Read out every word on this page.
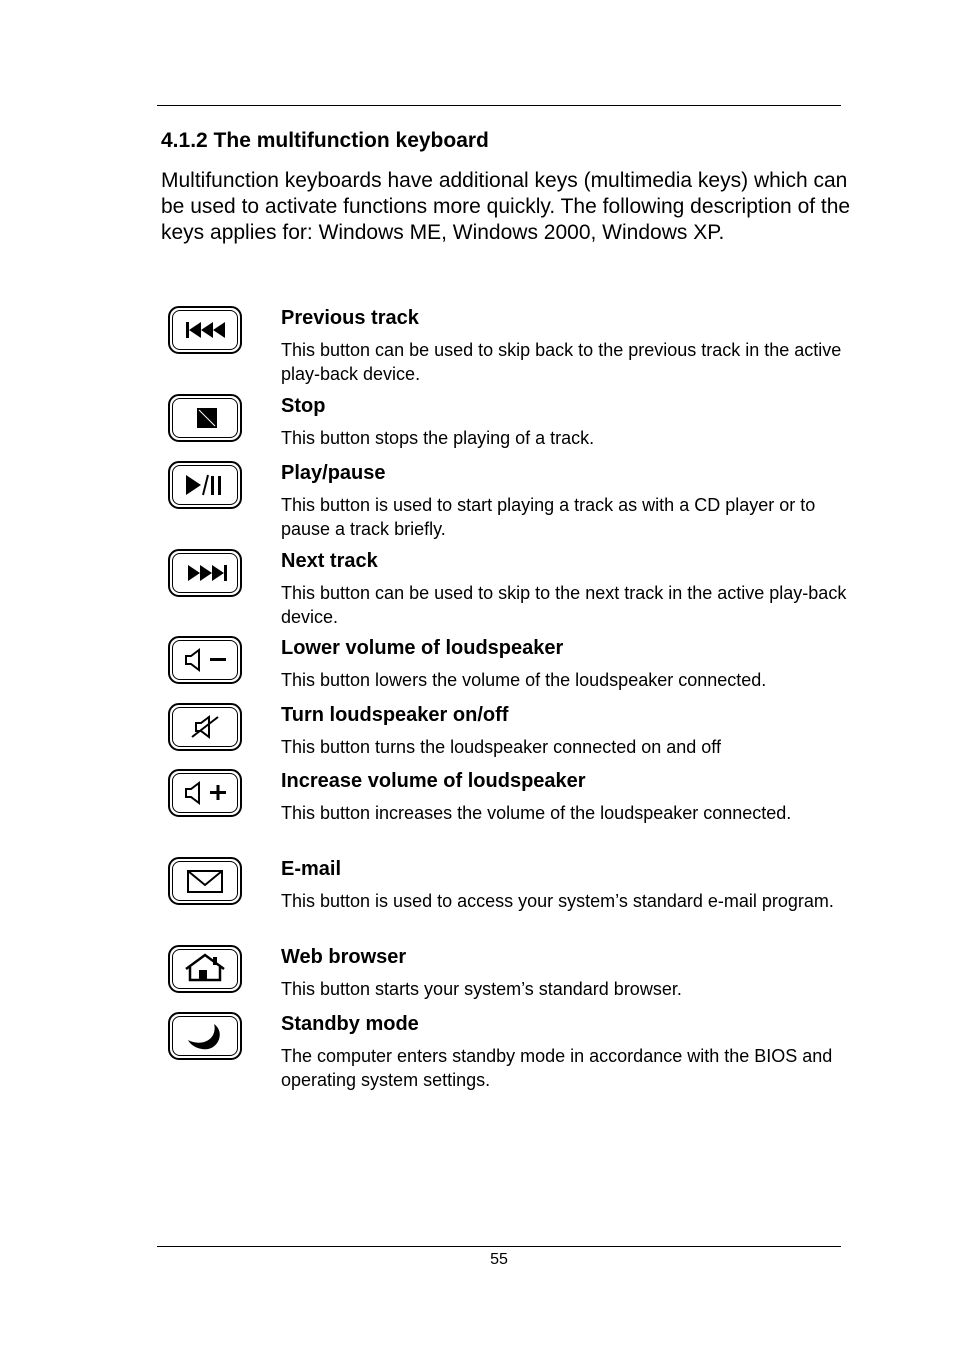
4.1.2 The multifunction keyboard

Multifunction keyboards have additional keys (multimedia keys) which can be used to activate functions more quickly. The following description of the keys applies for: Windows ME, Windows 2000, Windows XP.

Previous track

This button can be used to skip back to the previous track in the active play-back device.

Stop

This button stops the playing of a track.

Play/pause

This button is used to start playing a track as with a CD player or to pause a track briefly.

Next track

This button can be used to skip to the next track in the active play-back device.

Lower volume of loudspeaker

This button lowers the volume of the loudspeaker connected.

Turn loudspeaker on/off

This button turns the loudspeaker connected on and off

Increase volume of loudspeaker

This button increases the volume of the loudspeaker connected.

E-mail

This button is used to access your system’s standard e-mail program.

Web browser

This button starts your system’s standard browser.

Standby mode

The computer enters standby mode in accordance with the BIOS and operating system settings.

55
